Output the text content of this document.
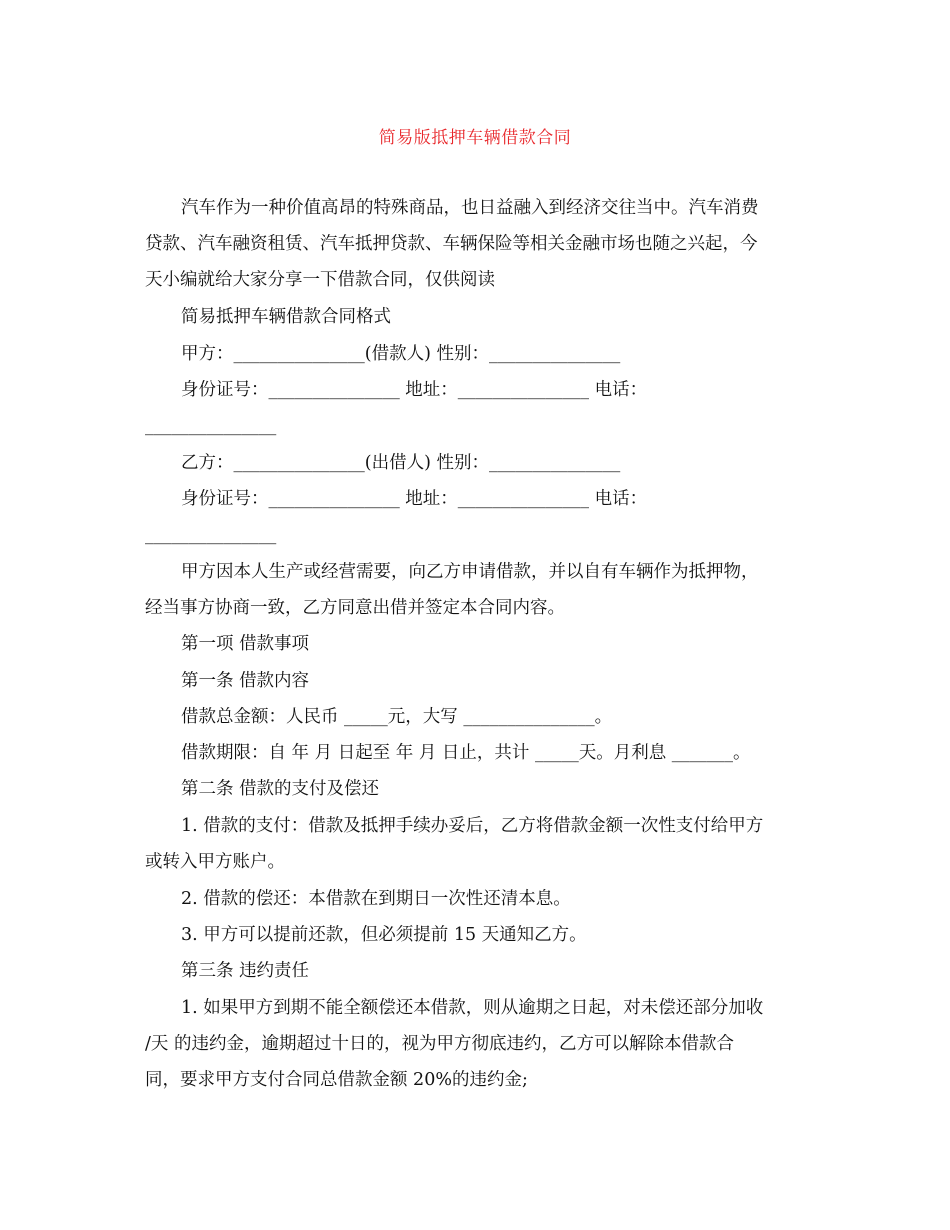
简易版抵押车辆借款合同
汽车作为一种价值高昂的特殊商品，也日益融入到经济交往当中。汽车消费
贷款、汽车融资租赁、汽车抵押贷款、车辆保险等相关金融市场也随之兴起，今
天小编就给大家分享一下借款合同，仅供阅读
简易抵押车辆借款合同格式
甲方：_______________(借款人) 性别：_______________
身份证号：_______________ 地址：_______________ 电话：
_______________
乙方：_______________(出借人) 性别：_______________
身份证号：_______________ 地址：_______________ 电话：
_______________
甲方因本人生产或经营需要，向乙方申请借款，并以自有车辆作为抵押物，
经当事方协商一致，乙方同意出借并签定本合同内容。
第一项 借款事项
第一条 借款内容
借款总金额：人民币 _____元，大写 _______________。
借款期限：自 年 月 日起至 年 月 日止，共计 _____天。月利息 _______。
第二条 借款的支付及偿还
1. 借款的支付：借款及抵押手续办妥后，乙方将借款金额一次性支付给甲方
或转入甲方账户。
2. 借款的偿还：本借款在到期日一次性还清本息。
3. 甲方可以提前还款，但必须提前 15 天通知乙方。
第三条 违约责任
1. 如果甲方到期不能全额偿还本借款，则从逾期之日起，对未偿还部分加收
/天 的违约金，逾期超过十日的，视为甲方彻底违约，乙方可以解除本借款合
同，要求甲方支付合同总借款金额 20%的违约金;
